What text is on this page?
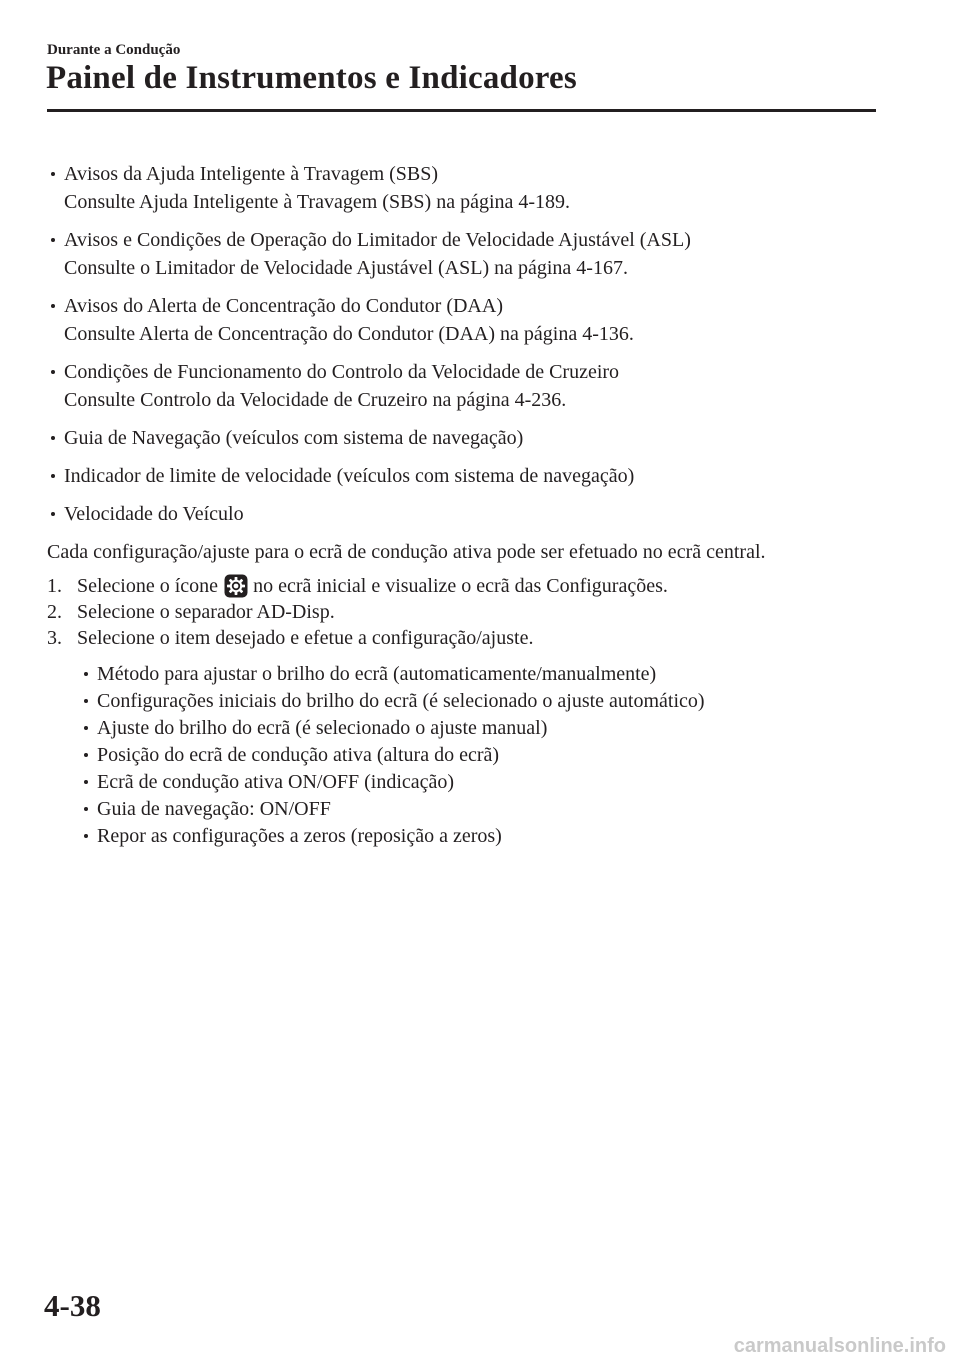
Durante a Condução
Painel de Instrumentos e Indicadores
Avisos da Ajuda Inteligente à Travagem (SBS)
Consulte Ajuda Inteligente à Travagem (SBS) na página 4-189.
Avisos e Condições de Operação do Limitador de Velocidade Ajustável (ASL)
Consulte o Limitador de Velocidade Ajustável (ASL) na página 4-167.
Avisos do Alerta de Concentração do Condutor (DAA)
Consulte Alerta de Concentração do Condutor (DAA) na página 4-136.
Condições de Funcionamento do Controlo da Velocidade de Cruzeiro
Consulte Controlo da Velocidade de Cruzeiro na página 4-236.
Guia de Navegação (veículos com sistema de navegação)
Indicador de limite de velocidade (veículos com sistema de navegação)
Velocidade do Veículo

Cada configuração/ajuste para o ecrã de condução ativa pode ser efetuado no ecrã central.

1. Selecione o ícone no ecrã inicial e visualize o ecrã das Configurações.
2. Selecione o separador AD-Disp.
3. Selecione o item desejado e efetue a configuração/ajuste.
Método para ajustar o brilho do ecrã (automaticamente/manualmente)
Configurações iniciais do brilho do ecrã (é selecionado o ajuste automático)
Ajuste do brilho do ecrã (é selecionado o ajuste manual)
Posição do ecrã de condução ativa (altura do ecrã)
Ecrã de condução ativa ON/OFF (indicação)
Guia de navegação: ON/OFF
Repor as configurações a zeros (reposição a zeros)
4-38
carmanualsonline.info
